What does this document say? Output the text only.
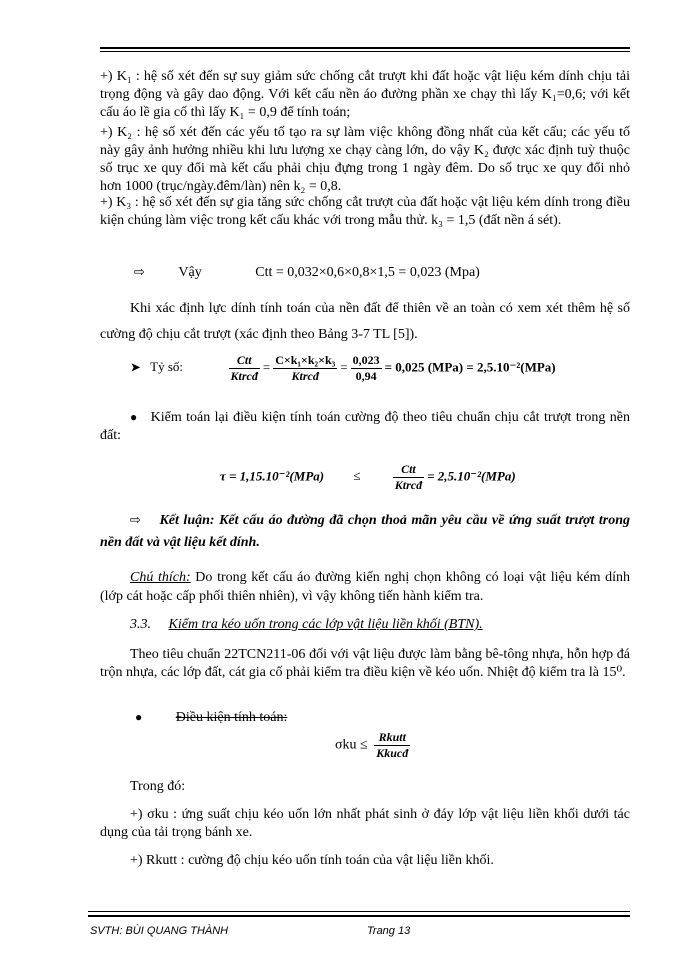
+) K₁ : hệ số xét đến sự suy giảm sức chống cắt trượt khi đất hoặc vật liệu kém dính chịu tải trọng động và gây dao động. Với kết cấu nền áo đường phần xe chạy thì lấy K₁=0,6; với kết cấu áo lề gia cố thì lấy K₁ = 0,9 để tính toán;
+) K₂ : hệ số xét đến các yếu tố tạo ra sự làm việc không đồng nhất của kết cấu; các yếu tố này gây ảnh hưởng nhiều khi lưu lượng xe chạy càng lớn, do vậy K₂ được xác định tuỳ thuộc số trục xe quy đổi mà kết cấu phải chịu đựng trong 1 ngày đêm. Do số trục xe quy đổi nhỏ hơn 1000 (trục/ngày.đêm/làn) nên k₂ = 0,8.
+) K₃ : hệ số xét đến sự gia tăng sức chống cắt trượt của đất hoặc vật liệu kém dính trong điều kiện chúng làm việc trong kết cấu khác với trong mẫu thử. k₃ = 1,5 (đất nền á sét).
⇨ Vậy	Ctt = 0,032×0,6×0,8×1,5 = 0,023 (Mpa)
Khi xác định lực dính tính toán của nền đất để thiên về an toàn có xem xét thêm hệ số cường độ chịu cắt trượt (xác định theo Bảng 3-7 TL [5]).
➤ Tỷ số:	$\frac{\text{Ctt}}{\text{Ktrcđ}} = \frac{\text{C×k₁×k₂×k₃}}{\text{Ktrcđ}} = \frac{0,023}{0,94} = 0,025$ (MPa) = 2,5.10⁻²(MPa)
● Kiểm toán lại điều kiện tính toán cường độ theo tiêu chuẩn chịu cắt trượt trong nền đất:
τ = 1,15.10⁻²(MPa) ≤	$\frac{\text{Ctt}}{\text{Ktrcđ}} = 2,5.10^{-2}(MPa)$
⇨ Kết luận: Kết cấu áo đường đã chọn thoả mãn yêu cầu về ứng suất trượt trong nền đất và vật liệu kết dính.
Chú thích: Do trong kết cấu áo đường kiến nghị chọn không có loại vật liệu kém dính (lớp cát hoặc cấp phối thiên nhiên), vì vậy không tiến hành kiểm tra.
3.3. Kiểm tra kéo uốn trong các lớp vật liệu liền khối (BTN).
Theo tiêu chuẩn 22TCN211-06 đối với vật liệu được làm bằng bê-tông nhựa, hỗn hợp đá trộn nhựa, các lớp đất, cát gia cố phải kiểm tra điều kiện về kéo uốn. Nhiệt độ kiểm tra là 15⁰.
● Điều kiện tính toán:
$\sigma ku \le \frac{\text{Rkutt}}{\text{Kkucđ}}$
Trong đó:
+) σku : ứng suất chịu kéo uốn lớn nhất phát sinh ở đáy lớp vật liệu liền khối dưới tác dụng của tải trọng bánh xe.
+) Rkutt : cường độ chịu kéo uốn tính toán của vật liệu liền khối.
SVTH: BÙI QUANG THÀNH	Trang 13
